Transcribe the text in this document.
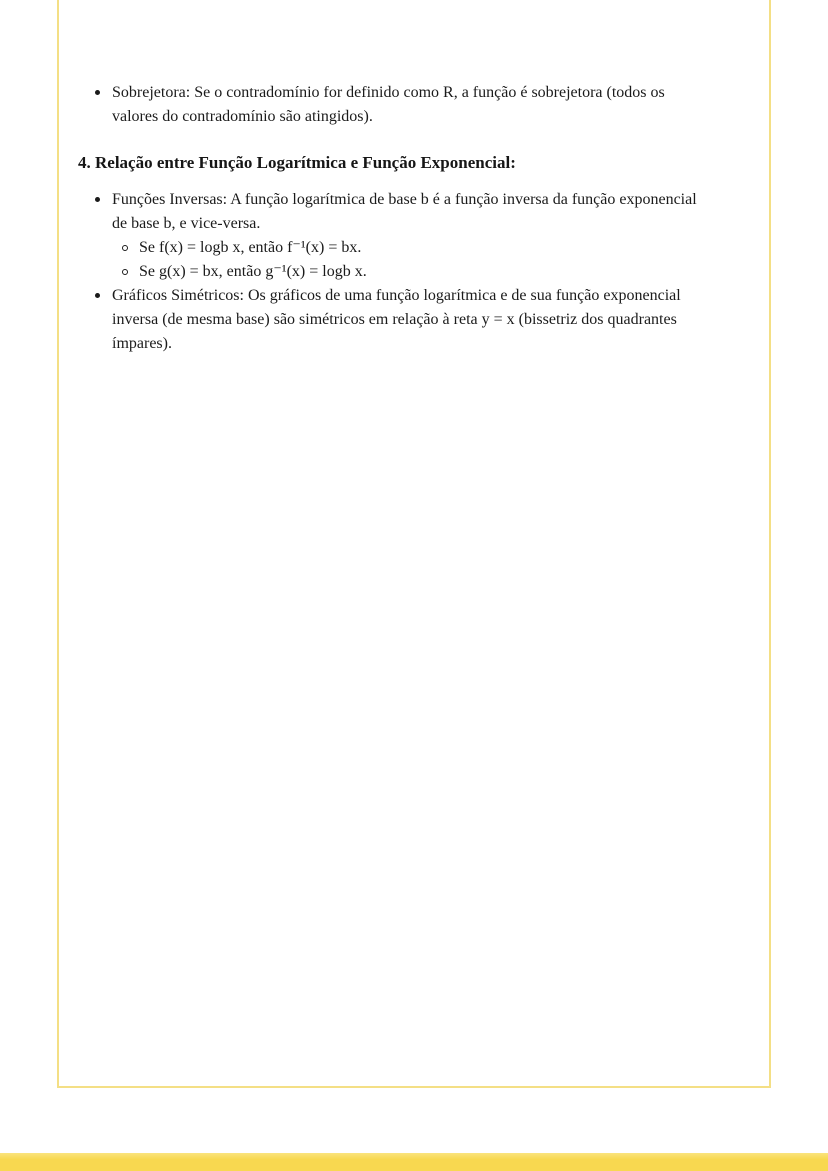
Sobrejetora: Se o contradomínio for definido como R, a função é sobrejetora (todos os
valores do contradomínio são atingidos).
4. Relação entre Função Logarítmica e Função Exponencial:
Funções Inversas: A função logarítmica de base b é a função inversa da função exponencial
de base b, e vice-versa.
Se f(x) = logb x, então f⁻¹(x) = bx.
Se g(x) = bx, então g⁻¹(x) = logb x.
Gráficos Simétricos: Os gráficos de uma função logarítmica e de sua função exponencial
inversa (de mesma base) são simétricos em relação à reta y = x (bissetriz dos quadrantes
ímpares).
